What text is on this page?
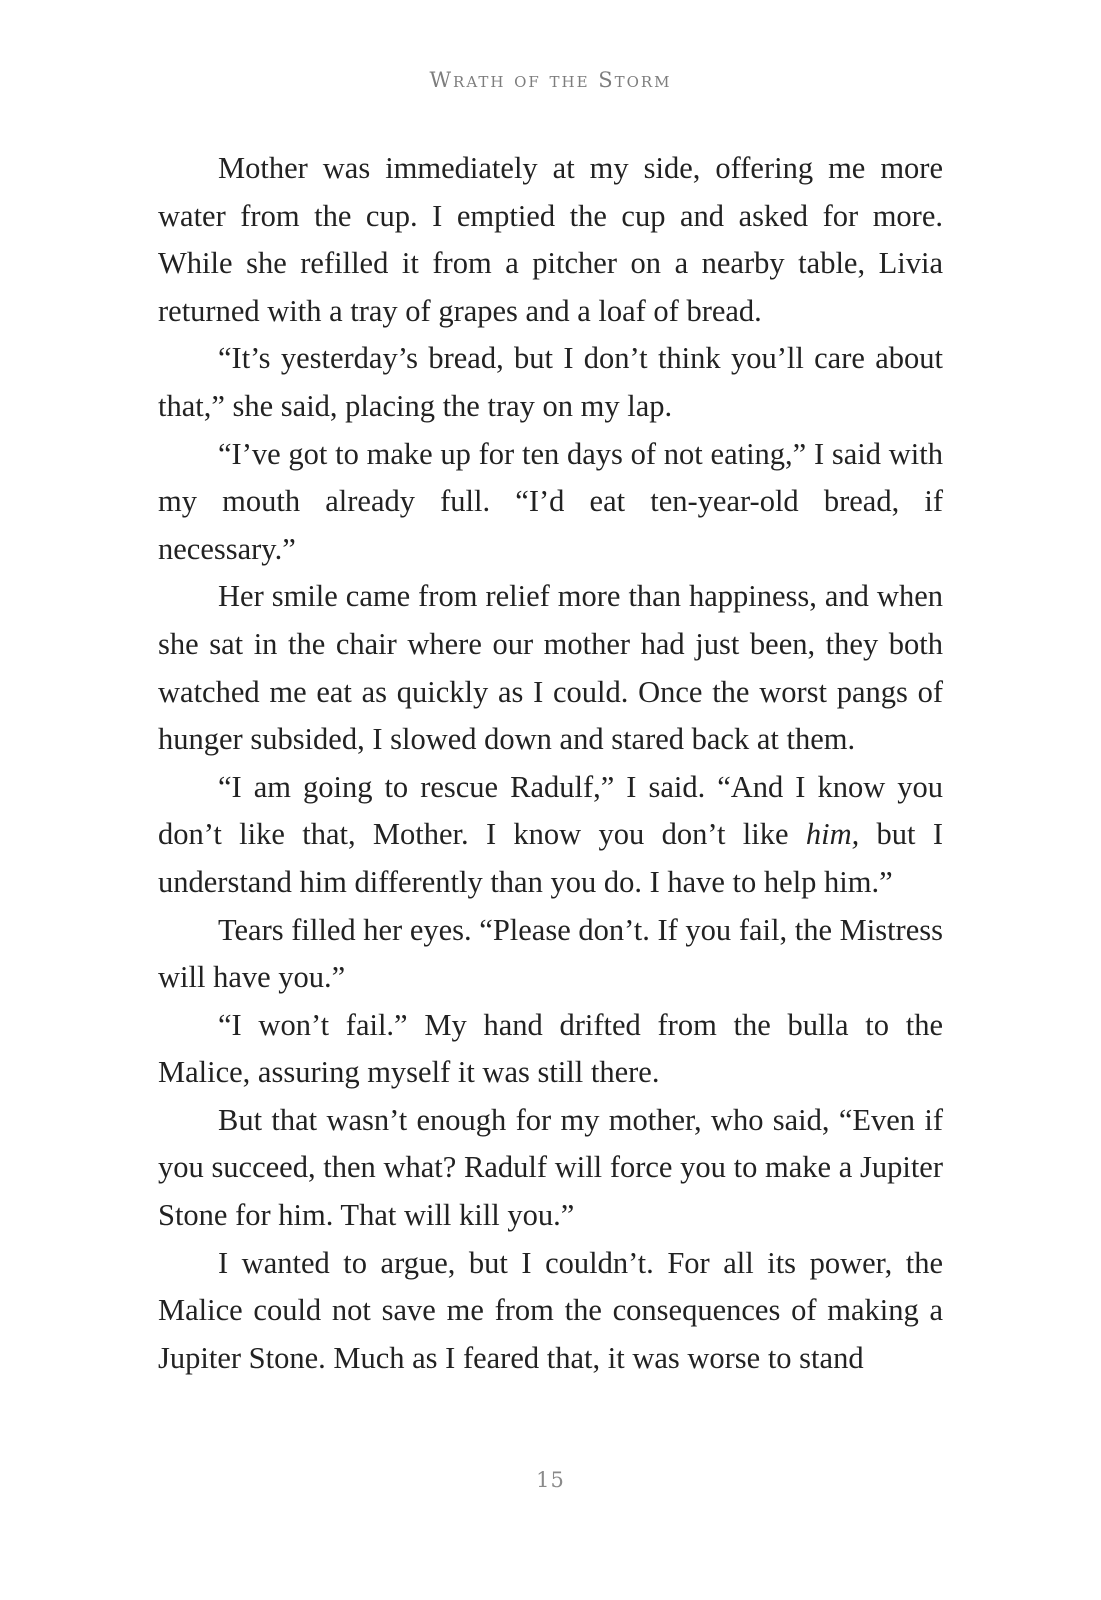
Wrath of the Storm

Mother was immediately at my side, offering me more water from the cup. I emptied the cup and asked for more. While she refilled it from a pitcher on a nearby table, Livia returned with a tray of grapes and a loaf of bread.

“It’s yesterday’s bread, but I don’t think you’ll care about that,” she said, placing the tray on my lap.

“I’ve got to make up for ten days of not eating,” I said with my mouth already full. “I’d eat ten-year-old bread, if necessary.”

Her smile came from relief more than happiness, and when she sat in the chair where our mother had just been, they both watched me eat as quickly as I could. Once the worst pangs of hunger subsided, I slowed down and stared back at them.

“I am going to rescue Radulf,” I said. “And I know you don’t like that, Mother. I know you don’t like him, but I understand him differently than you do. I have to help him.”

Tears filled her eyes. “Please don’t. If you fail, the Mistress will have you.”

“I won’t fail.” My hand drifted from the bulla to the Malice, assuring myself it was still there.

But that wasn’t enough for my mother, who said, “Even if you succeed, then what? Radulf will force you to make a Jupiter Stone for him. That will kill you.”

I wanted to argue, but I couldn’t. For all its power, the Malice could not save me from the consequences of making a Jupiter Stone. Much as I feared that, it was worse to stand

15
